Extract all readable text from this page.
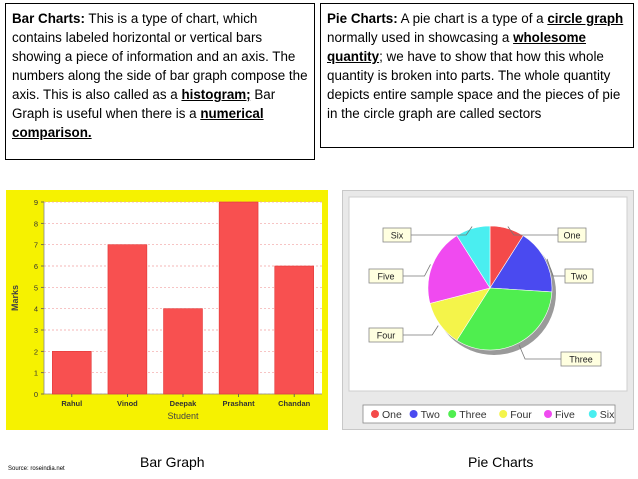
Bar Charts: This is a type of chart, which contains labeled horizontal or vertical bars showing a piece of information and an axis. The numbers along the side of bar graph compose the axis. This is also called as a histogram; Bar Graph is useful when there is a numerical comparison.
Pie Charts: A pie chart is a type of a circle graph normally used in showcasing a wholesome quantity; we have to show that how this whole quantity is broken into parts. The whole quantity depicts entire sample space and the pieces of pie in the circle graph are called sectors
0
1
2
3
4
5
6
7
8
9
Rahul	Vinod	Deepak	Prashant	Chandan
Student
Marks
One
Two
Three
Four
Five
Six
One Two Three Four Five Six
Bar Graph	Pie Charts
Source: roseindia.net
